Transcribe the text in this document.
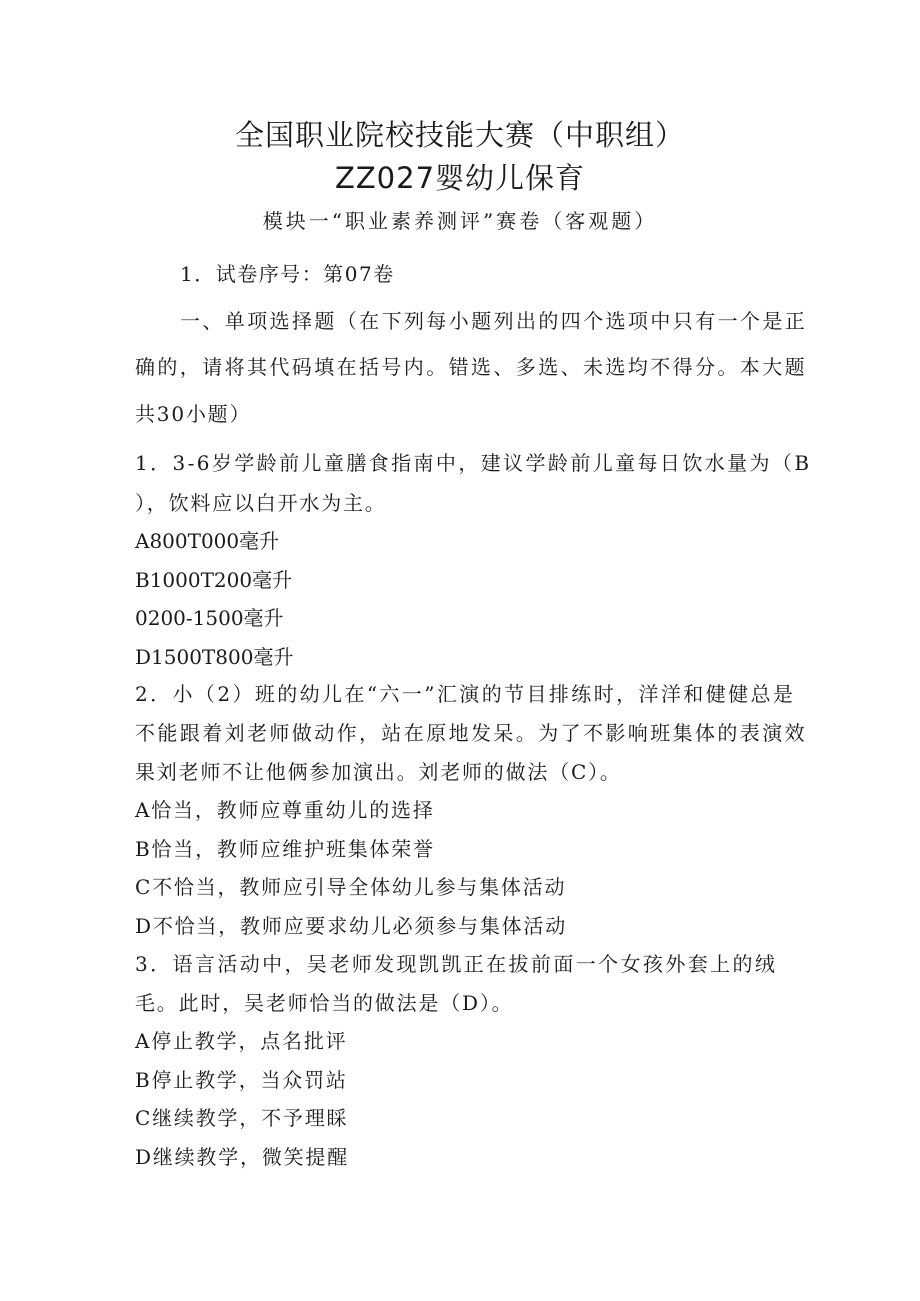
全国职业院校技能大赛（中职组）
ZZ027婴幼儿保育
模块一“职业素养测评”赛卷（客观题）
1．试卷序号：第07卷
一、单项选择题（在下列每小题列出的四个选项中只有一个是正
确的，请将其代码填在括号内。错选、多选、未选均不得分。本大题
共30小题）
1．3-6岁学龄前儿童膳食指南中，建议学龄前儿童每日饮水量为（B
），饮料应以白开水为主。
A800T000毫升
B1000T200毫升
0200-1500毫升
D1500T800毫升
2．小（2）班的幼儿在“六一”汇演的节目排练时，洋洋和健健总是
不能跟着刘老师做动作，站在原地发呆。为了不影响班集体的表演效
果刘老师不让他俩参加演出。刘老师的做法（C）。
A恰当，教师应尊重幼儿的选择
B恰当，教师应维护班集体荣誉
C不恰当，教师应引导全体幼儿参与集体活动
D不恰当，教师应要求幼儿必须参与集体活动
3．语言活动中，吴老师发现凯凯正在拔前面一个女孩外套上的绒
毛。此时，吴老师恰当的做法是（D）。
A停止教学，点名批评
B停止教学，当众罚站
C继续教学，不予理睬
D继续教学，微笑提醒
